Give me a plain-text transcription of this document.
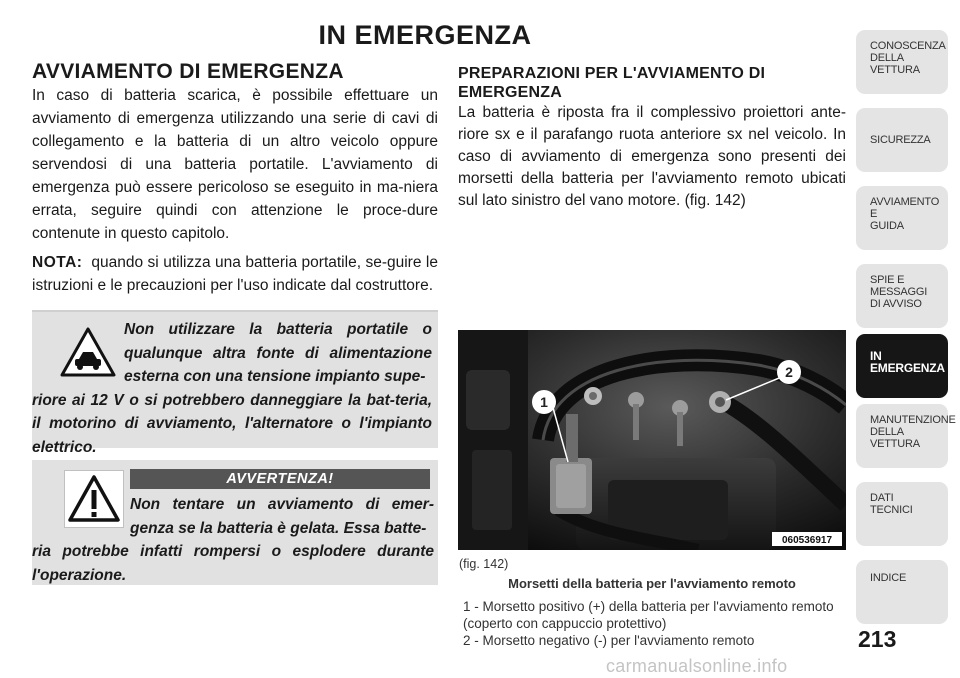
IN EMERGENZA
AVVIAMENTO DI EMERGENZA

In caso di batteria scarica, è possibile effettuare un avviamento di emergenza utilizzando una serie di cavi di collegamento e la batteria di un altro veicolo oppure servendosi di una batteria portatile. L'avviamento di emergenza può essere pericoloso se eseguito in ma-niera errata, seguire quindi con attenzione le proce-dure contenute in questo capitolo.

NOTA: quando si utilizza una batteria portatile, se-guire le istruzioni e le precauzioni per l'uso indicate dal costruttore.

Non utilizzare la batteria portatile o qualunque altra fonte di alimentazione esterna con una tensione impianto supe-
riore ai 12 V o si potrebbero danneggiare la bat-teria, il motorino di avviamento, l'alternatore o l'impianto elettrico.
AVVERTENZA!
Non tentare un avviamento di emer-genza se la batteria è gelata. Essa batte-
ria potrebbe infatti rompersi o esplodere durante l'operazione.
PREPARAZIONI PER L'AVVIAMENTO DI EMERGENZA

La batteria è riposta fra il complessivo proiettori ante-riore sx e il parafango ruota anteriore sx nel veicolo. In caso di avviamento di emergenza sono presenti dei morsetti della batteria per l'avviamento remoto ubicati sul lato sinistro del vano motore. (fig. 142)

1
2
060536917
(fig. 142)
Morsetti della batteria per l'avviamento remoto
1 - Morsetto positivo (+) della batteria per l'avviamento remoto (coperto con cappuccio protettivo)
2 - Morsetto negativo (-) per l'avviamento remoto
CONOSCENZA
DELLA
VETTURA
SICUREZZA
AVVIAMENTO
E
GUIDA
SPIE E
MESSAGGI
DI AVVISO
IN
EMERGENZA
MANUTENZIONE
DELLA
VETTURA
DATI
TECNICI
INDICE
213
carmanualsonline.info
